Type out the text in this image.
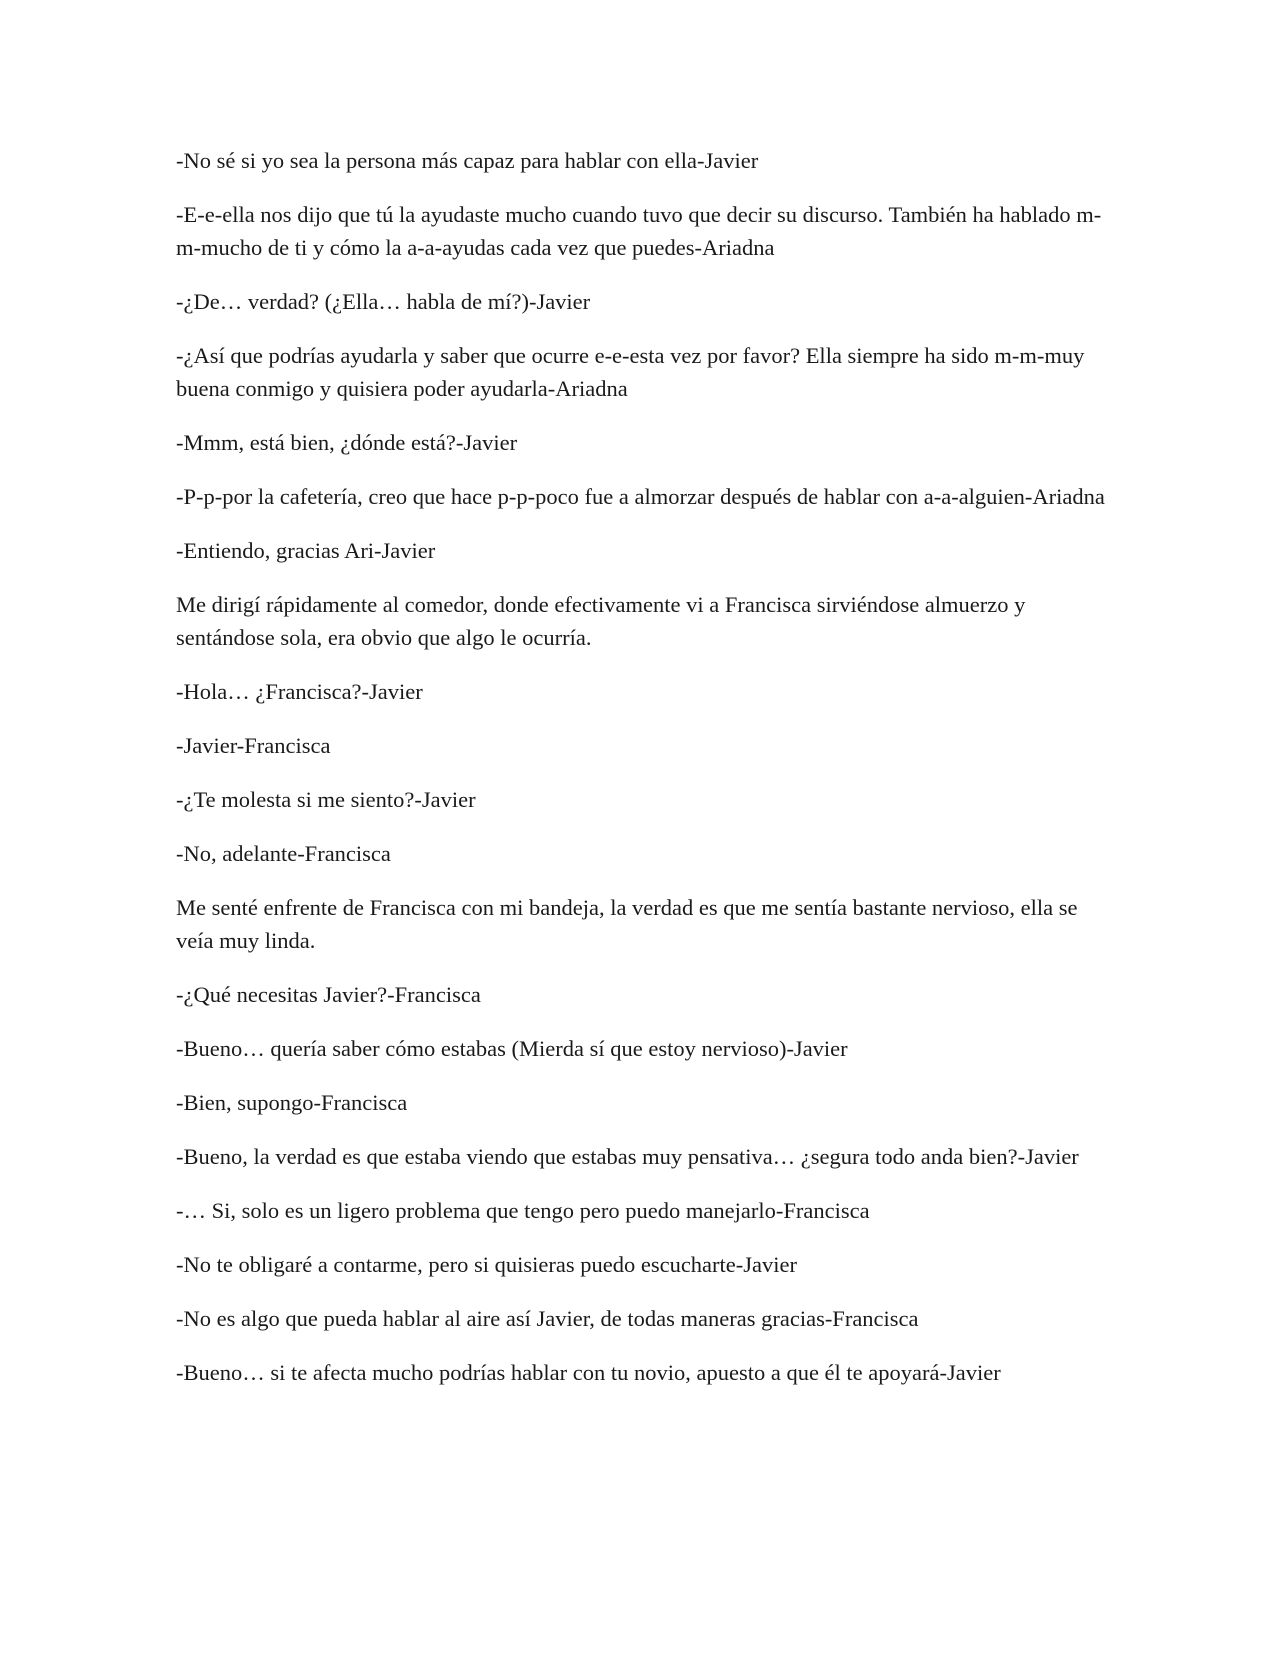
-No sé si yo sea la persona más capaz para hablar con ella-Javier

-E-e-ella nos dijo que tú la ayudaste mucho cuando tuvo que decir su discurso. También ha hablado m-m-mucho de ti y cómo la a-a-ayudas cada vez que puedes-Ariadna

-¿De… verdad? (¿Ella… habla de mí?)-Javier

-¿Así que podrías ayudarla y saber que ocurre e-e-esta vez por favor? Ella siempre ha sido m-m-muy buena conmigo y quisiera poder ayudarla-Ariadna

-Mmm, está bien, ¿dónde está?-Javier

-P-p-por la cafetería, creo que hace p-p-poco fue a almorzar después de hablar con a-a-alguien-Ariadna

-Entiendo, gracias Ari-Javier

Me dirigí rápidamente al comedor, donde efectivamente vi a Francisca sirviéndose almuerzo y sentándose sola, era obvio que algo le ocurría.

-Hola… ¿Francisca?-Javier

-Javier-Francisca

-¿Te molesta si me siento?-Javier

-No, adelante-Francisca

Me senté enfrente de Francisca con mi bandeja, la verdad es que me sentía bastante nervioso, ella se veía muy linda.

-¿Qué necesitas Javier?-Francisca

-Bueno… quería saber cómo estabas (Mierda sí que estoy nervioso)-Javier

-Bien, supongo-Francisca

-Bueno, la verdad es que estaba viendo que estabas muy pensativa… ¿segura todo anda bien?-Javier

-… Si, solo es un ligero problema que tengo pero puedo manejarlo-Francisca

-No te obligaré a contarme, pero si quisieras puedo escucharte-Javier

-No es algo que pueda hablar al aire así Javier, de todas maneras gracias-Francisca

-Bueno… si te afecta mucho podrías hablar con tu novio, apuesto a que él te apoyará-Javier
